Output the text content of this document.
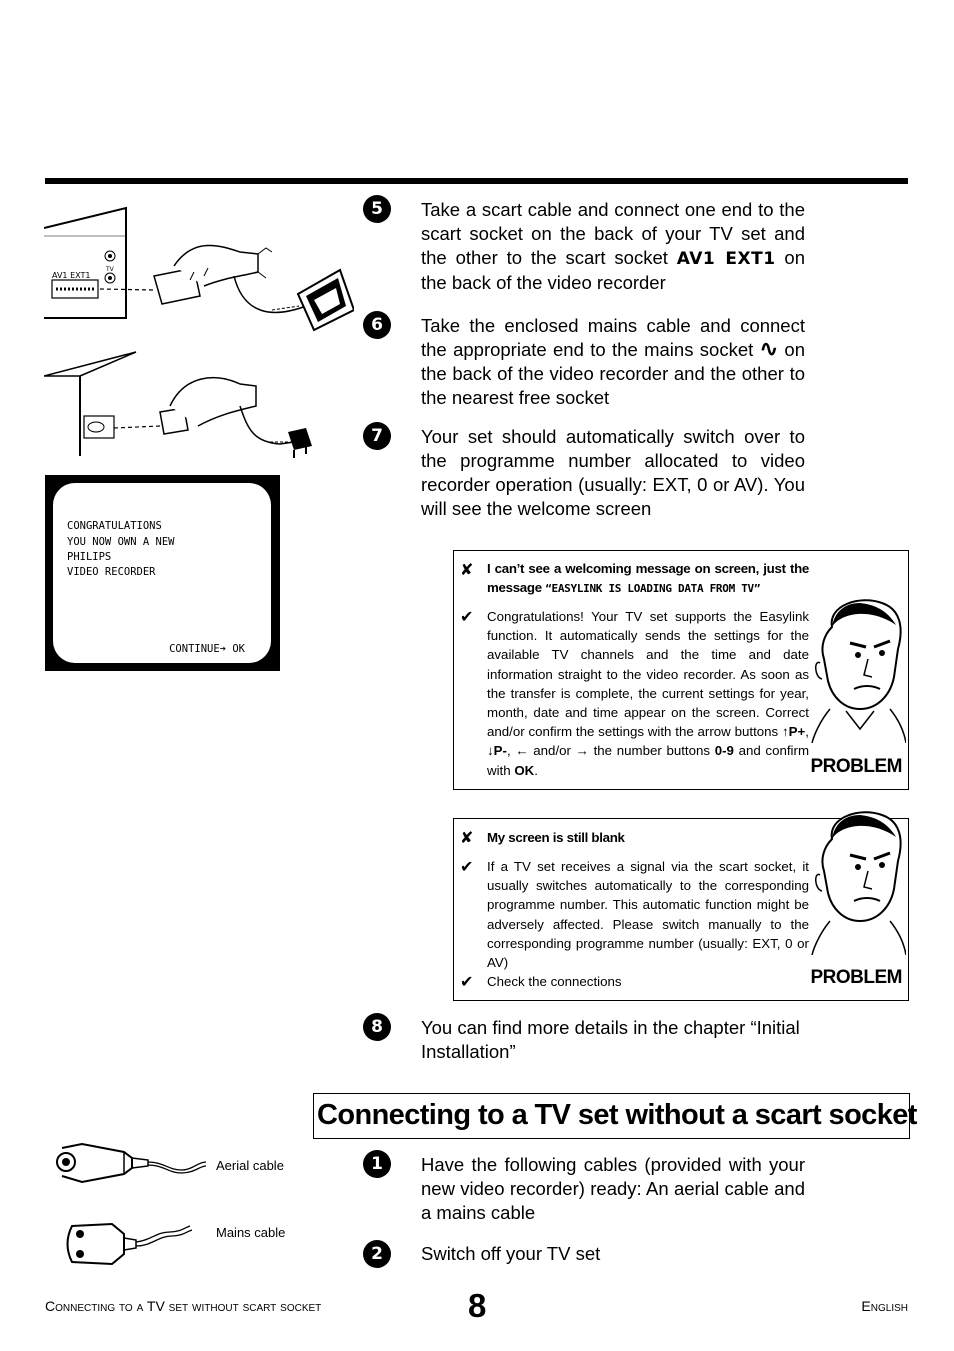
AV1 EXT1
TV
CONGRATULATIONS
YOU NOW OWN A NEW
PHILIPS
VIDEO RECORDER
CONTINUE➔ OK
5	Take a scart cable and connect one end to the scart socket on the back of your TV set and the other to the scart socket AV1 EXT1 on the back of the video recorder
6	Take the enclosed mains cable and connect the appropriate end to the mains socket ∿ on the back of the video recorder and the other to the nearest free socket
7	Your set should automatically switch over to the programme number allocated to video recorder operation (usually: EXT, 0 or AV). You will see the welcome screen
✘ I can’t see a welcoming message on screen, just the message “EASYLINK IS LOADING DATA FROM TV”
✔ Congratulations! Your TV set supports the Easylink function. It automatically sends the settings for the available TV channels and the time and date information straight to the video recorder. As soon as the transfer is complete, the current settings for year, month, date and time appear on the screen. Correct and/or confirm the settings with the arrow buttons ↑P+, ↓P-, ← and/or → the number buttons 0-9 and confirm with OK.	PROBLEM
✘ My screen is still blank
✔ If a TV set receives a signal via the scart socket, it usually switches automatically to the corresponding programme number. This automatic function might be adversely affected. Please switch manually to the corresponding programme number (usually: EXT, 0 or AV)
✔ Check the connections	PROBLEM
8	You can find more details in the chapter “Initial Installation”
Connecting to a TV set without a scart socket
Aerial cable
Mains cable
1	Have the following cables (provided with your new video recorder) ready: An aerial cable and a mains cable
2	Switch off your TV set
Connecting to a TV set without scart socket	8	English
